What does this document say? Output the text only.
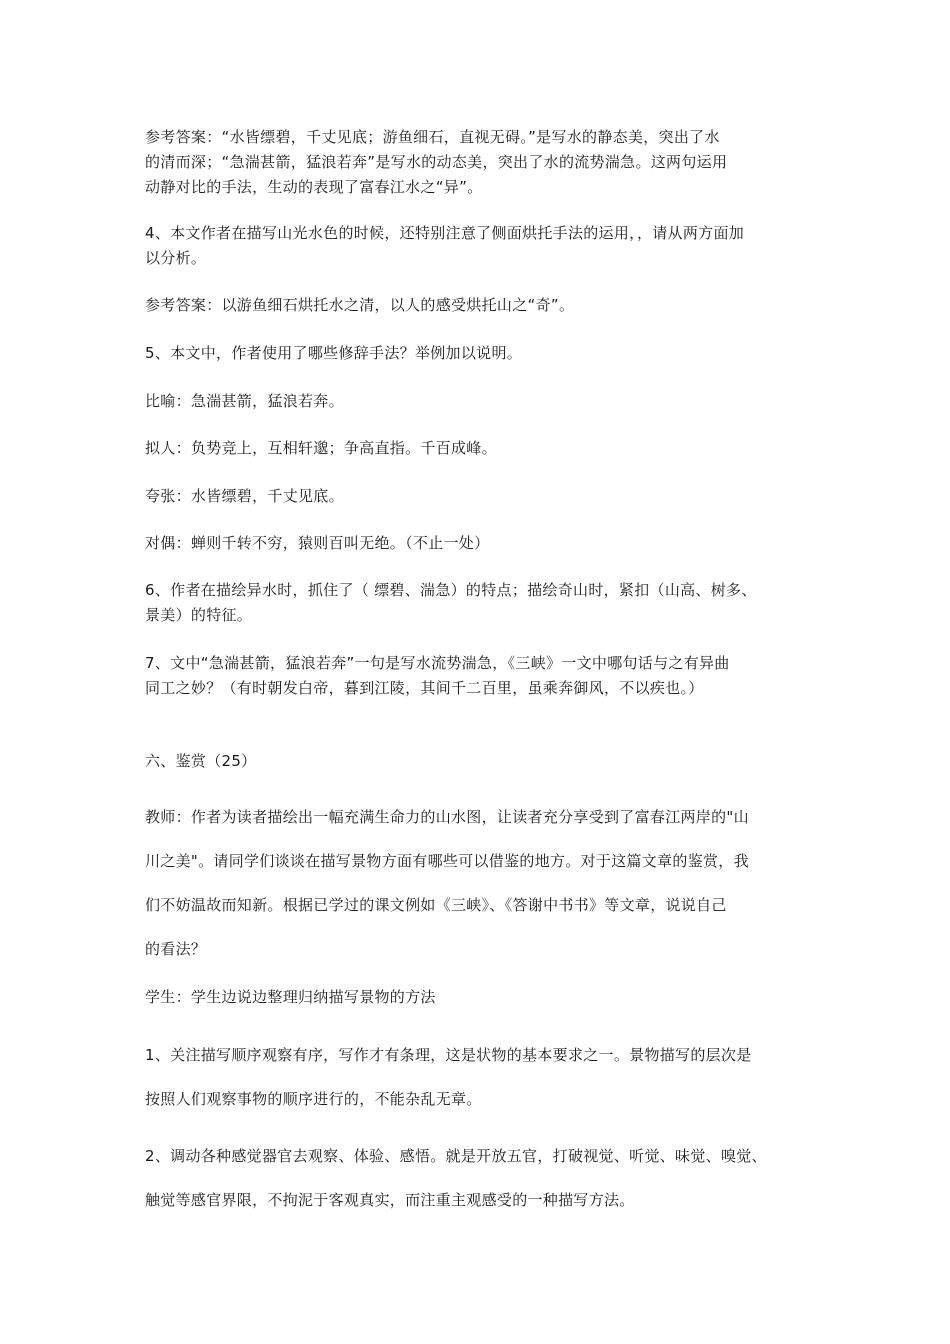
参考答案：“水皆缥碧，千丈见底；游鱼细石，直视无碍。”是写水的静态美，突出了水
的清而深；“急湍甚箭，猛浪若奔”是写水的动态美，突出了水的流势湍急。这两句运用
动静对比的手法，生动的表现了富春江水之“异”。
4、本文作者在描写山光水色的时候，还特别注意了侧面烘托手法的运用，，请从两方面加
以分析。
参考答案：以游鱼细石烘托水之清，以人的感受烘托山之“奇”。
5、本文中，作者使用了哪些修辞手法？举例加以说明。
比喻：急湍甚箭，猛浪若奔。
拟人：负势竞上，互相轩邈；争高直指。千百成峰。
夸张：水皆缥碧，千丈见底。
对偶：蝉则千转不穷，猿则百叫无绝。（不止一处）
6、作者在描绘异水时，抓住了（ 缥碧、湍急）的特点；描绘奇山时，紧扣（山高、树多、
景美）的特征。
7、文中“急湍甚箭，猛浪若奔”一句是写水流势湍急，《三峡》一文中哪句话与之有异曲
同工之妙？（有时朝发白帝，暮到江陵，其间千二百里，虽乘奔御风，不以疾也。）
六、鉴赏（25）
教师：作者为读者描绘出一幅充满生命力的山水图，让读者充分享受到了富春江两岸的"山
川之美"。请同学们谈谈在描写景物方面有哪些可以借鉴的地方。对于这篇文章的鉴赏，我
们不妨温故而知新。根据已学过的课文例如《三峡》、《答谢中书书》等文章，说说自己
的看法？
学生：学生边说边整理归纳描写景物的方法
1、关注描写顺序观察有序，写作才有条理，这是状物的基本要求之一。景物描写的层次是
按照人们观察事物的顺序进行的，不能杂乱无章。
2、调动各种感觉器官去观察、体验、感悟。就是开放五官，打破视觉、听觉、味觉、嗅觉、
触觉等感官界限，不拘泥于客观真实，而注重主观感受的一种描写方法。
